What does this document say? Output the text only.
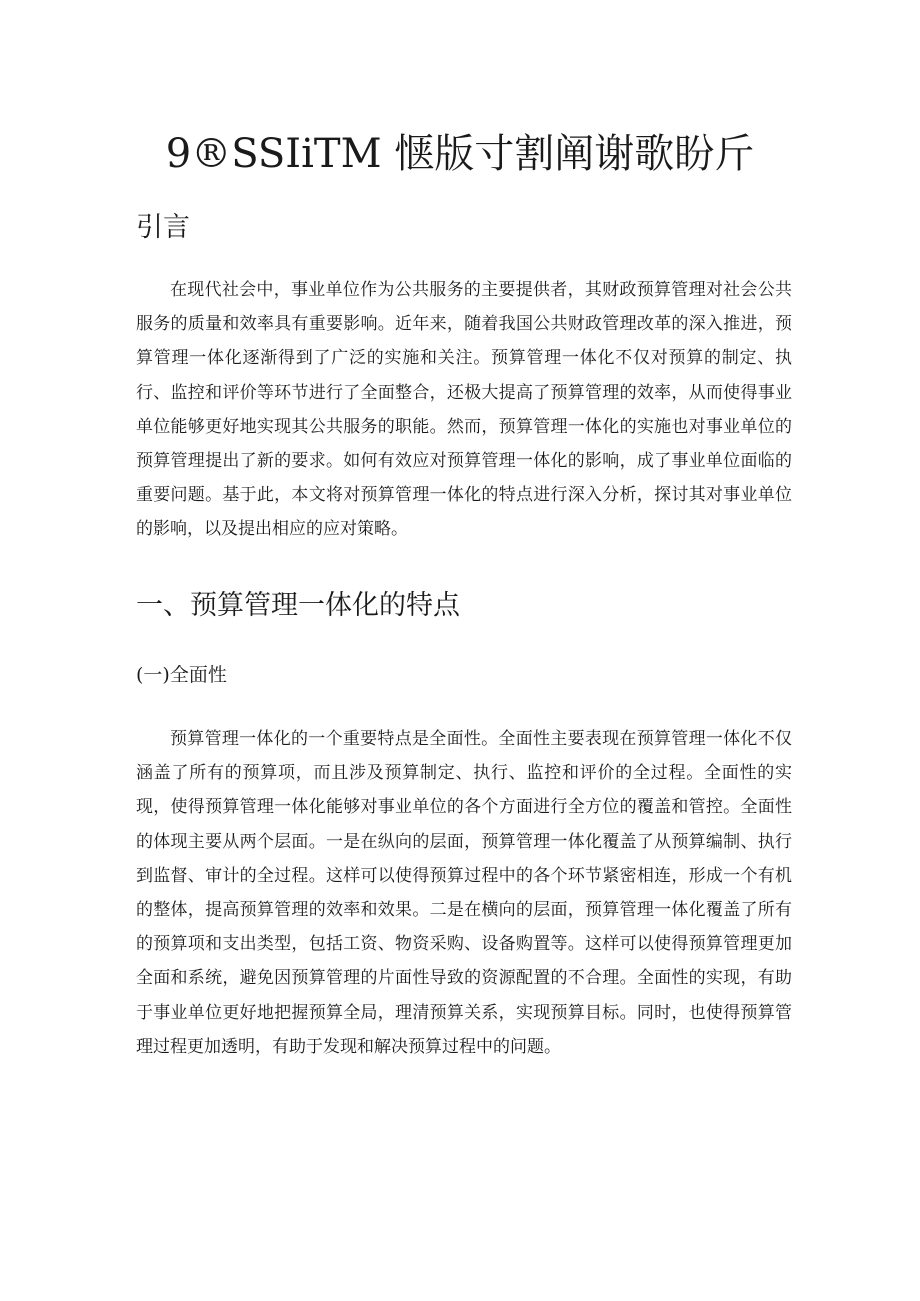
9®SSIiTM 惬版寸割阐谢歌盼斤
引言

在现代社会中，事业单位作为公共服务的主要提供者，其财政预算管理对社会公共服务的质量和效率具有重要影响。近年来，随着我国公共财政管理改革的深入推进，预算管理一体化逐渐得到了广泛的实施和关注。预算管理一体化不仅对预算的制定、执行、监控和评价等环节进行了全面整合，还极大提高了预算管理的效率，从而使得事业单位能够更好地实现其公共服务的职能。然而，预算管理一体化的实施也对事业单位的预算管理提出了新的要求。如何有效应对预算管理一体化的影响，成了事业单位面临的重要问题。基于此，本文将对预算管理一体化的特点进行深入分析，探讨其对事业单位的影响，以及提出相应的应对策略。

一、预算管理一体化的特点
(一)全面性

预算管理一体化的一个重要特点是全面性。全面性主要表现在预算管理一体化不仅涵盖了所有的预算项，而且涉及预算制定、执行、监控和评价的全过程。全面性的实现，使得预算管理一体化能够对事业单位的各个方面进行全方位的覆盖和管控。全面性的体现主要从两个层面。一是在纵向的层面，预算管理一体化覆盖了从预算编制、执行到监督、审计的全过程。这样可以使得预算过程中的各个环节紧密相连，形成一个有机的整体，提高预算管理的效率和效果。二是在横向的层面，预算管理一体化覆盖了所有的预算项和支出类型，包括工资、物资采购、设备购置等。这样可以使得预算管理更加全面和系统，避免因预算管理的片面性导致的资源配置的不合理。全面性的实现，有助于事业单位更好地把握预算全局，理清预算关系，实现预算目标。同时，也使得预算管理过程更加透明，有助于发现和解决预算过程中的问题。
